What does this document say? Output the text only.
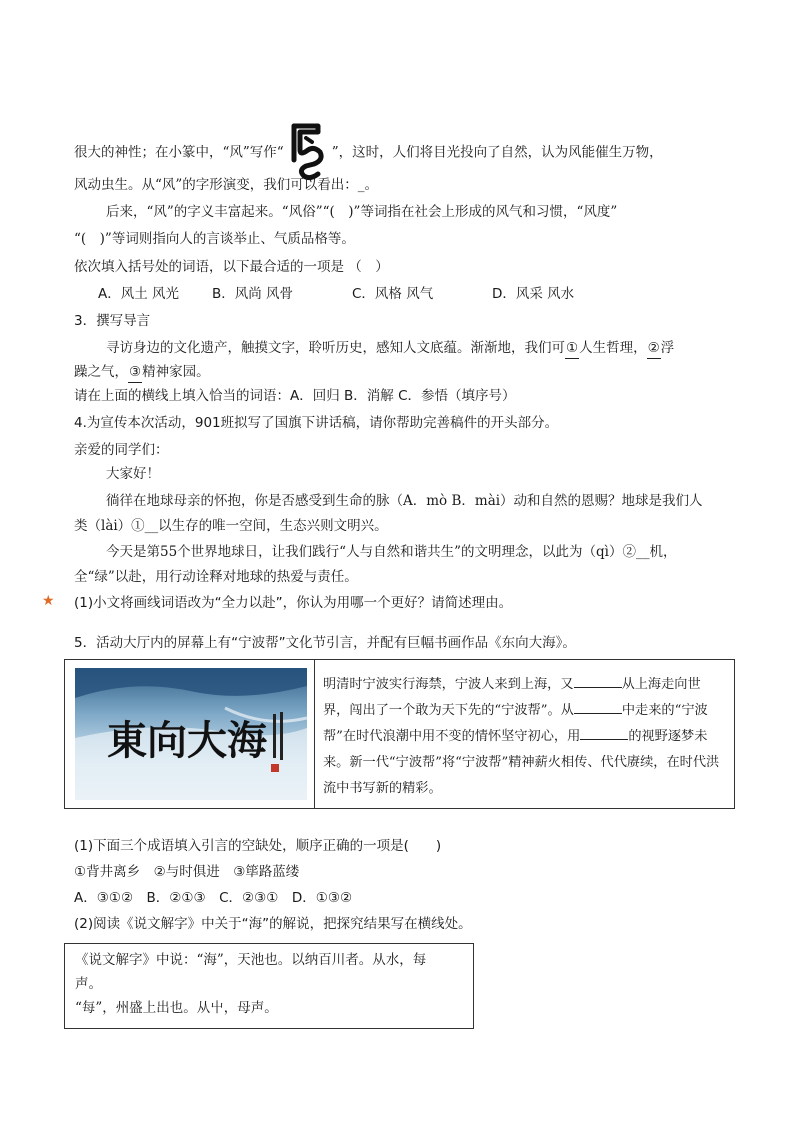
很大的神性；在小篆中，“风”写作“	”，这时，人们将目光投向了自然，认为风能催生万物，
风动虫生。从“风”的字形演变，我们可以看出：_。
后来，“风”的字义丰富起来。“风俗”“(　)”等词指在社会上形成的风气和习惯，“风度”
“(　)”等词则指向人的言谈举止、气质品格等。
依次填入括号处的词语，以下最合适的一项是 （　）
A．风土 风光 B．风尚 风骨	C．风格 风气	D．风采 风水
3．撰写导言
寻访身边的文化遗产，触摸文字，聆听历史，感知人文底蕴。渐渐地，我们可①人生哲理，②浮
躁之气，③精神家园。
请在上面的横线上填入恰当的词语：A．回归 B．消解 C．参悟（填序号）
4.为宣传本次活动，901班拟写了国旗下讲话稿，请你帮助完善稿件的开头部分。
亲爱的同学们：
大家好！
徜徉在地球母亲的怀抱，你是否感受到生命的脉（A．mò B．mài）动和自然的恩赐？地球是我们人
类（lài）①__以生存的唯一空间，生态兴则文明兴。
今天是第55个世界地球日，让我们践行“人与自然和谐共生”的文明理念，以此为（qì）②__机，
全“绿”以赴，用行动诠释对地球的热爱与责任。
★ (1)小文将画线词语改为“全力以赴”，你认为用哪一个更好？请简述理由。
5．活动大厅内的屏幕上有“宁波帮”文化节引言，并配有巨幅书画作品《东向大海》。
東向大海
明清时宁波实行海禁，宁波人来到上海，又	从上海走向世界，闯出了一个敢为天下先的“宁波帮”。从	中走来的“宁波帮”在时代浪潮中用不变的情怀坚守初心，用	的视野逐梦未来。新一代“宁波帮”将“宁波帮”精神薪火相传、代代赓续，在时代洪流中书写新的精彩。
(1)下面三个成语填入引言的空缺处，顺序正确的一项是(　　)
①背井离乡　②与时俱进　③筚路蓝缕
A．③①②　B．②①③　C．②③①　D．①③②
(2)阅读《说文解字》中关于“海”的解说，把探究结果写在横线处。
《说文解字》中说：“海”，天池也。以纳百川者。从水，每
声。
“每”，州盛上出也。从屮，母声。
